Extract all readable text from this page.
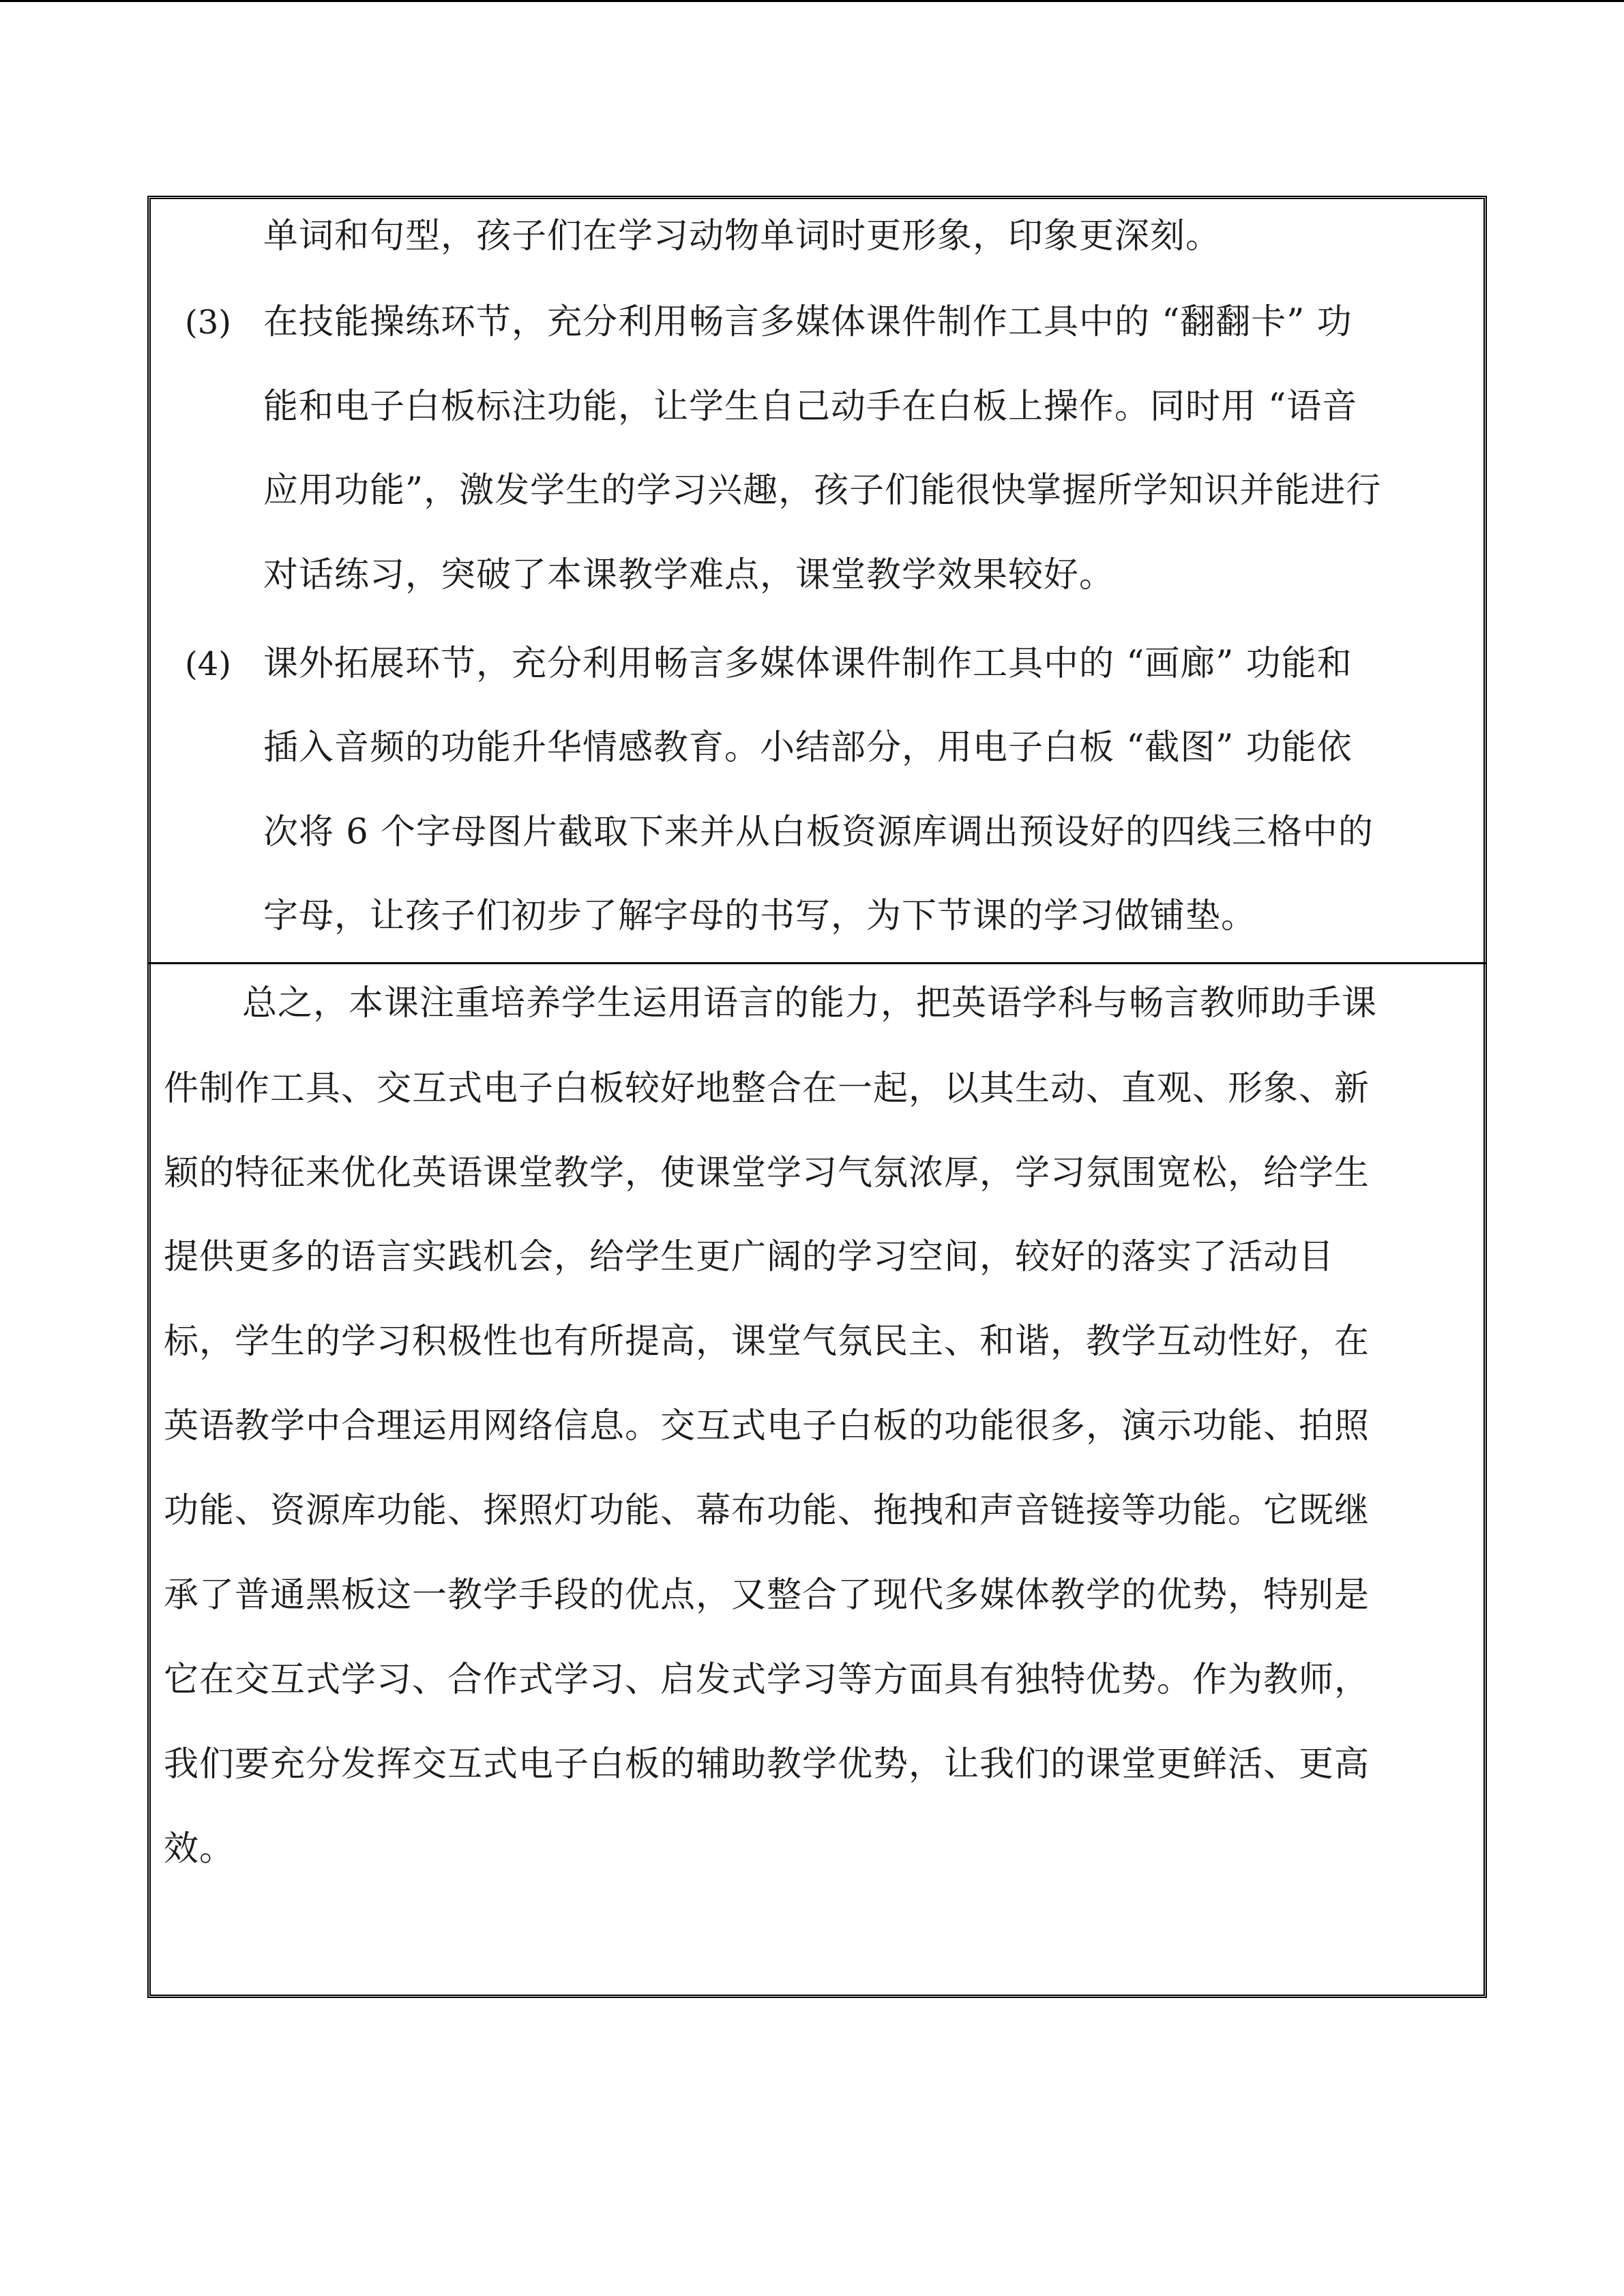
单词和句型，孩子们在学习动物单词时更形象，印象更深刻。
(3) 在技能操练环节，充分利用畅言多媒体课件制作工具中的 “翻翻卡” 功
能和电子白板标注功能，让学生自己动手在白板上操作。同时用 “语音
应用功能”，激发学生的学习兴趣，孩子们能很快掌握所学知识并能进行
对话练习，突破了本课教学难点，课堂教学效果较好。
(4) 课外拓展环节，充分利用畅言多媒体课件制作工具中的 “画廊” 功能和
插入音频的功能升华情感教育。小结部分，用电子白板 “截图” 功能依
次将 6 个字母图片截取下来并从白板资源库调出预设好的四线三格中的
字母，让孩子们初步了解字母的书写，为下节课的学习做铺垫。
总之，本课注重培养学生运用语言的能力，把英语学科与畅言教师助手课
件制作工具、交互式电子白板较好地整合在一起，以其生动、直观、形象、新
颖的特征来优化英语课堂教学，使课堂学习气氛浓厚，学习氛围宽松，给学生
提供更多的语言实践机会，给学生更广阔的学习空间，较好的落实了活动目
标，学生的学习积极性也有所提高，课堂气氛民主、和谐，教学互动性好，在
英语教学中合理运用网络信息。交互式电子白板的功能很多，演示功能、拍照
功能、资源库功能、探照灯功能、幕布功能、拖拽和声音链接等功能。它既继
承了普通黑板这一教学手段的优点，又整合了现代多媒体教学的优势，特别是
它在交互式学习、合作式学习、启发式学习等方面具有独特优势。作为教师，
我们要充分发挥交互式电子白板的辅助教学优势，让我们的课堂更鲜活、更高
效。
